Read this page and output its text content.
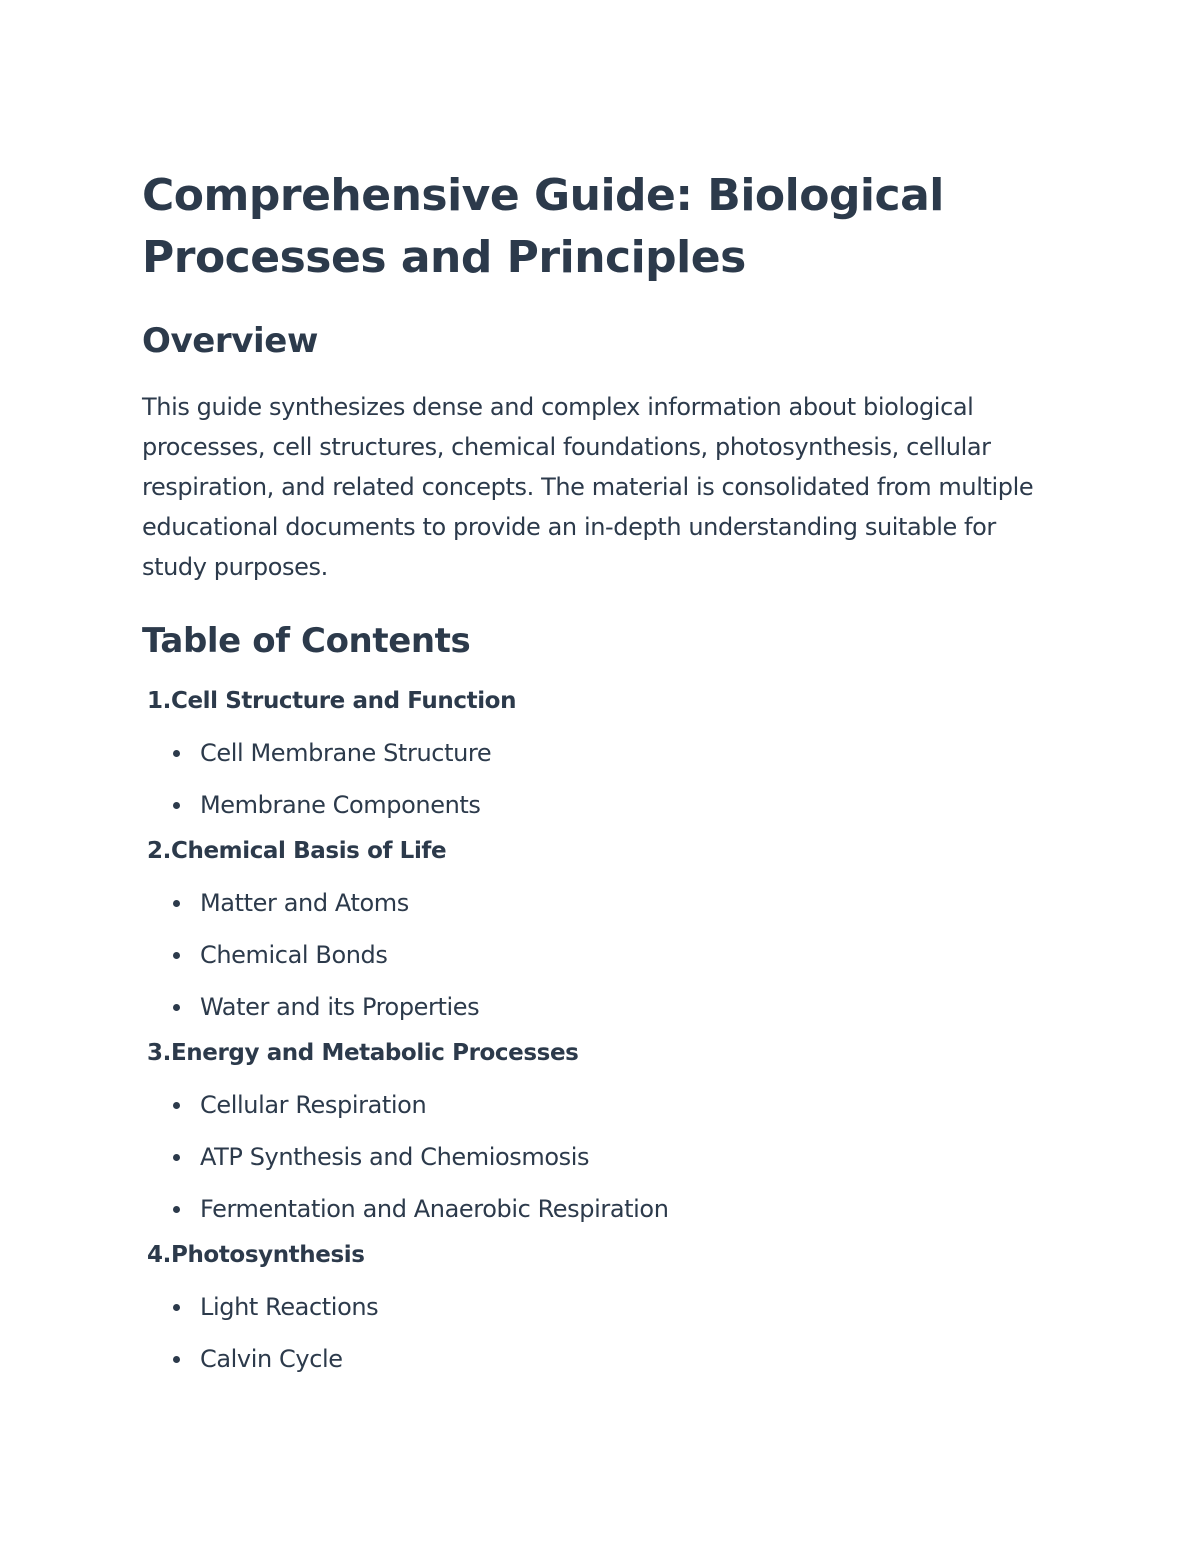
Comprehensive Guide: Biological Processes and Principles
Overview

This guide synthesizes dense and complex information about biological processes, cell structures, chemical foundations, photosynthesis, cellular respiration, and related concepts. The material is consolidated from multiple educational documents to provide an in-depth understanding suitable for study purposes.

Table of Contents
1. Cell Structure and Function
Cell Membrane Structure
Membrane Components
2. Chemical Basis of Life
Matter and Atoms
Chemical Bonds
Water and its Properties
3. Energy and Metabolic Processes
Cellular Respiration
ATP Synthesis and Chemiosmosis
Fermentation and Anaerobic Respiration
4. Photosynthesis
Light Reactions
Calvin Cycle
